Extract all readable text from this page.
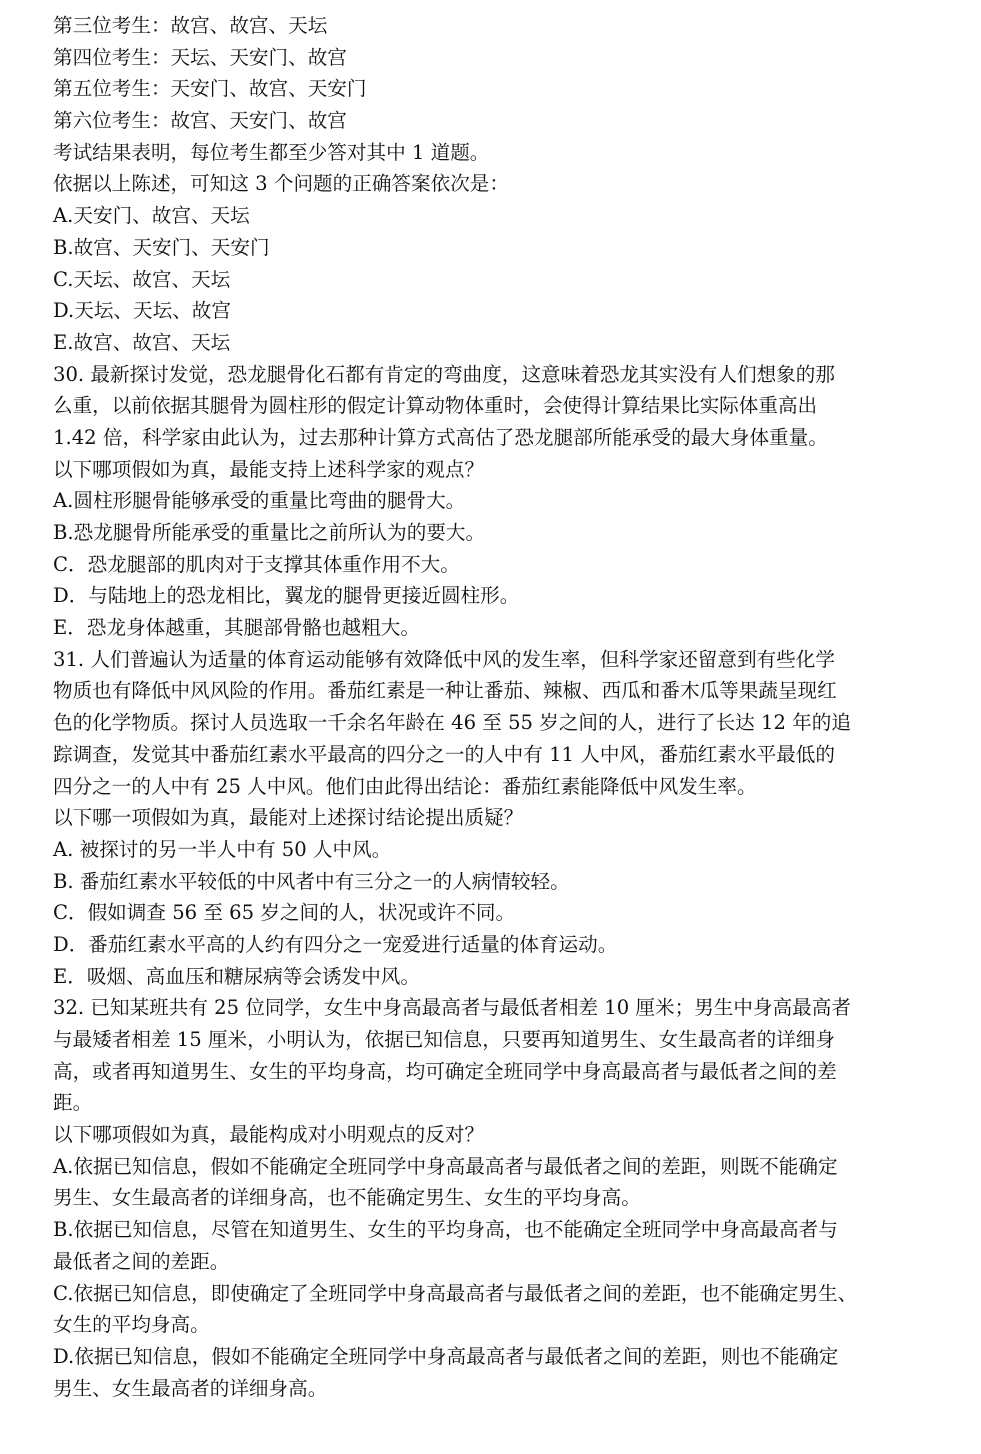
第三位考生：故宫、故宫、天坛
第四位考生：天坛、天安门、故宫
第五位考生：天安门、故宫、天安门
第六位考生：故宫、天安门、故宫
考试结果表明，每位考生都至少答对其中 1 道题。
依据以上陈述，可知这 3 个问题的正确答案依次是：
A.天安门、故宫、天坛
B.故宫、天安门、天安门
C.天坛、故宫、天坛
D.天坛、天坛、故宫
E.故宫、故宫、天坛
30. 最新探讨发觉，恐龙腿骨化石都有肯定的弯曲度，这意味着恐龙其实没有人们想象的那
么重，以前依据其腿骨为圆柱形的假定计算动物体重时，会使得计算结果比实际体重高出
1.42 倍，科学家由此认为，过去那种计算方式高估了恐龙腿部所能承受的最大身体重量。
以下哪项假如为真，最能支持上述科学家的观点？
A.圆柱形腿骨能够承受的重量比弯曲的腿骨大。
B.恐龙腿骨所能承受的重量比之前所认为的要大。
C．恐龙腿部的肌肉对于支撑其体重作用不大。
D．与陆地上的恐龙相比，翼龙的腿骨更接近圆柱形。
E．恐龙身体越重，其腿部骨骼也越粗大。
31. 人们普遍认为适量的体育运动能够有效降低中风的发生率，但科学家还留意到有些化学
物质也有降低中风风险的作用。番茄红素是一种让番茄、辣椒、西瓜和番木瓜等果蔬呈现红
色的化学物质。探讨人员选取一千余名年龄在 46 至 55 岁之间的人，进行了长达 12 年的追
踪调查，发觉其中番茄红素水平最高的四分之一的人中有 11 人中风，番茄红素水平最低的
四分之一的人中有 25 人中风。他们由此得出结论：番茄红素能降低中风发生率。
以下哪一项假如为真，最能对上述探讨结论提出质疑？
A. 被探讨的另一半人中有 50 人中风。
B. 番茄红素水平较低的中风者中有三分之一的人病情较轻。
C．假如调查 56 至 65 岁之间的人，状况或许不同。
D．番茄红素水平高的人约有四分之一宠爱进行适量的体育运动。
E．吸烟、高血压和糖尿病等会诱发中风。
32. 已知某班共有 25 位同学，女生中身高最高者与最低者相差 10 厘米；男生中身高最高者
与最矮者相差 15 厘米，小明认为，依据已知信息，只要再知道男生、女生最高者的详细身
高，或者再知道男生、女生的平均身高，均可确定全班同学中身高最高者与最低者之间的差
距。
以下哪项假如为真，最能构成对小明观点的反对？
A.依据已知信息，假如不能确定全班同学中身高最高者与最低者之间的差距，则既不能确定
男生、女生最高者的详细身高，也不能确定男生、女生的平均身高。
B.依据已知信息，尽管在知道男生、女生的平均身高，也不能确定全班同学中身高最高者与
最低者之间的差距。
C.依据已知信息，即使确定了全班同学中身高最高者与最低者之间的差距，也不能确定男生、
女生的平均身高。
D.依据已知信息，假如不能确定全班同学中身高最高者与最低者之间的差距，则也不能确定
男生、女生最高者的详细身高。
